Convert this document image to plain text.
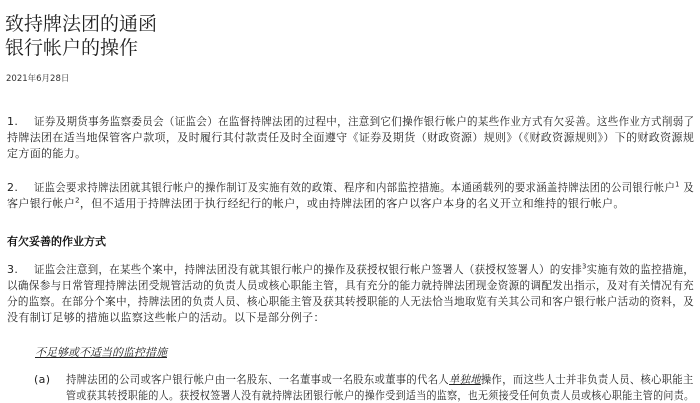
致持牌法团的通函
银行帐户的操作
2021年6月28日
1. 证券及期货事务监察委员会（证监会）在监督持牌法团的过程中，注意到它们操作银行帐户的某些作业方式有欠妥善。这些作业方式削弱了
持牌法团在适当地保管客户款项，及时履行其付款责任及时全面遵守《证券及期货（财政资源）规则》（《财政资源规则》）下的财政资源规
定方面的能力。
2. 证监会要求持牌法团就其银行帐户的操作制订及实施有效的政策、程序和内部监控措施。本通函载列的要求涵盖持牌法团的公司银行帐户$^1$ 及
客户银行帐户$^2$，但不适用于持牌法团于执行经纪行的帐户，或由持牌法团的客户以客户本身的名义开立和维持的银行帐户。
有欠妥善的作业方式
3. 证监会注意到，在某些个案中，持牌法团没有就其银行帐户的操作及获授权银行帐户签署人（获授权签署人）的安排$^3$实施有效的监控措施，
以确保参与日常管理持牌法团受规管活动的负责人员或核心职能主管，具有充分的能力就持牌法团现金资源的调配发出指示，及对有关情况有充
分的监察。在部分个案中，持牌法团的负责人员、核心职能主管及获其转授职能的人无法恰当地取览有关其公司和客户银行帐户活动的资料，及
没有制订足够的措施以监察这些帐户的活动。以下是部分例子：
不足够或不适当的监控措施
(a) 持牌法团的公司或客户银行帐户由一名股东、一名董事或一名股东或董事的代名人单独地操作，而这些人士并非负责人员、核心职能主
管或获其转授职能的人。获授权签署人没有就持牌法团银行帐户的操作受到适当的监察，也无须接受任何负责人员或核心职能主管的问责。
